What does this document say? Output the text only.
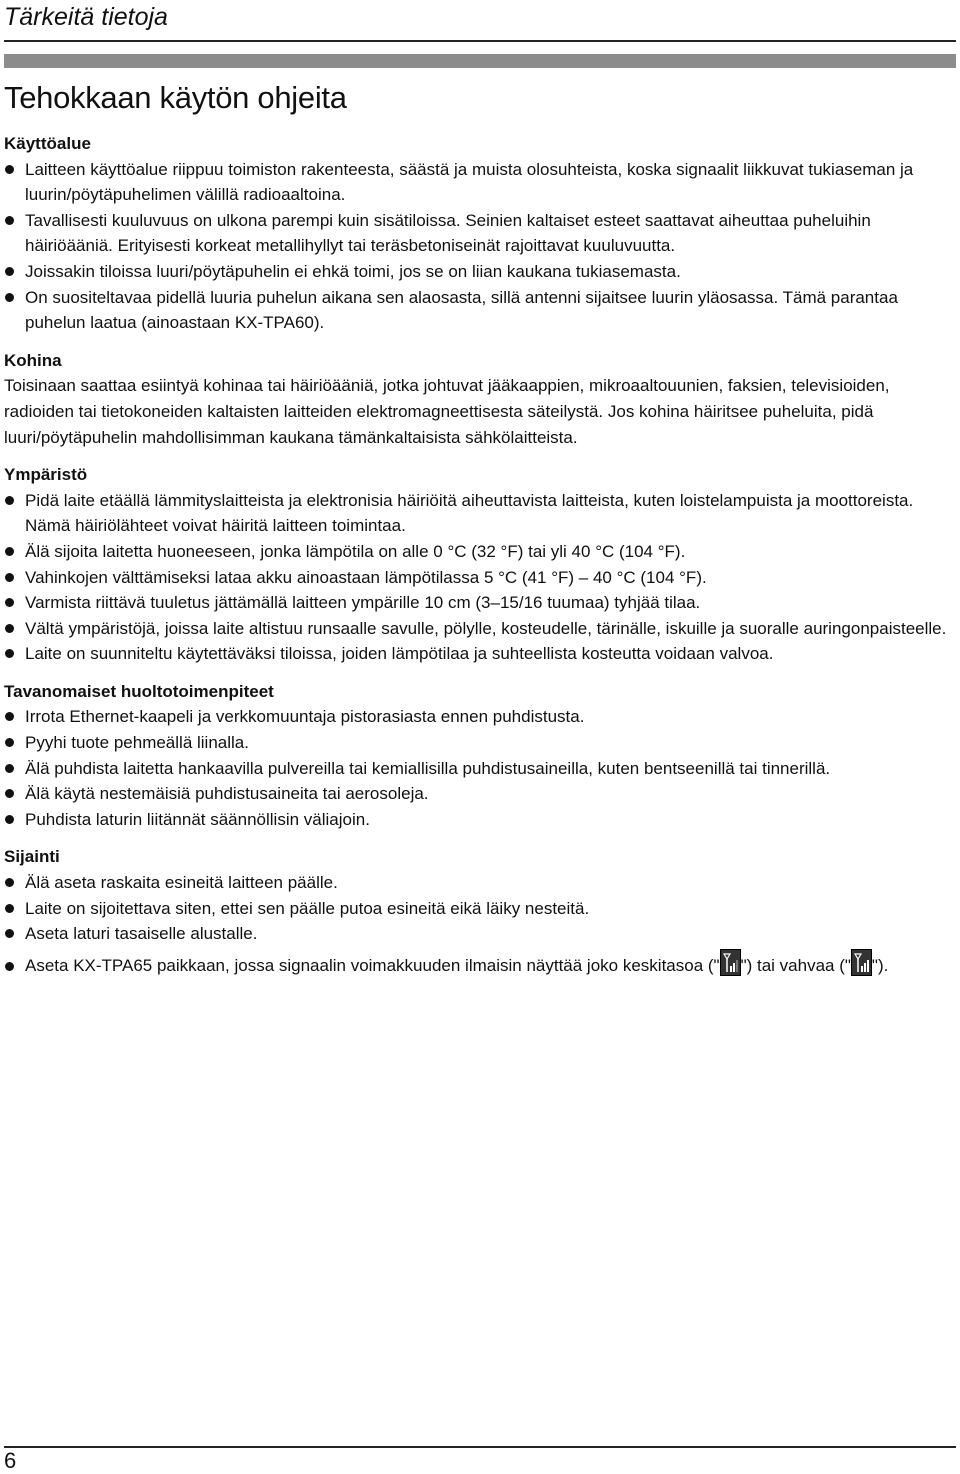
Tärkeitä tietoja
Tehokkaan käytön ohjeita
Käyttöalue
Laitteen käyttöalue riippuu toimiston rakenteesta, säästä ja muista olosuhteista, koska signaalit liikkuvat tukiaseman ja luurin/pöytäpuhelimen välillä radioaaltoina.
Tavallisesti kuuluvuus on ulkona parempi kuin sisätiloissa. Seinien kaltaiset esteet saattavat aiheuttaa puheluihin häiriöääniä. Erityisesti korkeat metallihyllyt tai teräsbetoniseinät rajoittavat kuuluvuutta.
Joissakin tiloissa luuri/pöytäpuhelin ei ehkä toimi, jos se on liian kaukana tukiasemasta.
On suositeltavaa pidellä luuria puhelun aikana sen alaosasta, sillä antenni sijaitsee luurin yläosassa. Tämä parantaa puhelun laatua (ainoastaan KX-TPA60).
Kohina

Toisinaan saattaa esiintyä kohinaa tai häiriöääniä, jotka johtuvat jääkaappien, mikroaaltouunien, faksien, televisioiden, radioiden tai tietokoneiden kaltaisten laitteiden elektromagneettisesta säteilystä. Jos kohina häiritsee puheluita, pidä luuri/pöytäpuhelin mahdollisimman kaukana tämänkaltaisista sähkölaitteista.

Ympäristö
Pidä laite etäällä lämmityslaitteista ja elektronisia häiriöitä aiheuttavista laitteista, kuten loistelampuista ja moottoreista. Nämä häiriölähteet voivat häiritä laitteen toimintaa.
Älä sijoita laitetta huoneeseen, jonka lämpötila on alle 0 °C (32 °F) tai yli 40 °C (104 °F).
Vahinkojen välttämiseksi lataa akku ainoastaan lämpötilassa 5 °C (41 °F) – 40 °C (104 °F).
Varmista riittävä tuuletus jättämällä laitteen ympärille 10 cm (3–15/16 tuumaa) tyhjää tilaa.
Vältä ympäristöjä, joissa laite altistuu runsaalle savulle, pölylle, kosteudelle, tärinälle, iskuille ja suoralle auringonpaisteelle.
Laite on suunniteltu käytettäväksi tiloissa, joiden lämpötilaa ja suhteellista kosteutta voidaan valvoa.
Tavanomaiset huoltotoimenpiteet
Irrota Ethernet-kaapeli ja verkkomuuntaja pistorasiasta ennen puhdistusta.
Pyyhi tuote pehmeällä liinalla.
Älä puhdista laitetta hankaavilla pulvereilla tai kemiallisilla puhdistusaineilla, kuten bentseenillä tai tinnerillä.
Älä käytä nestemäisiä puhdistusaineita tai aerosoleja.
Puhdista laturin liitännät säännöllisin väliajoin.
Sijainti
Älä aseta raskaita esineitä laitteen päälle.
Laite on sijoitettava siten, ettei sen päälle putoa esineitä eikä läiky nesteitä.
Aseta laturi tasaiselle alustalle.
Aseta KX-TPA65 paikkaan, jossa signaalin voimakkuuden ilmaisin näyttää joko keskitasoa (" ") tai vahvaa (" ").
6
